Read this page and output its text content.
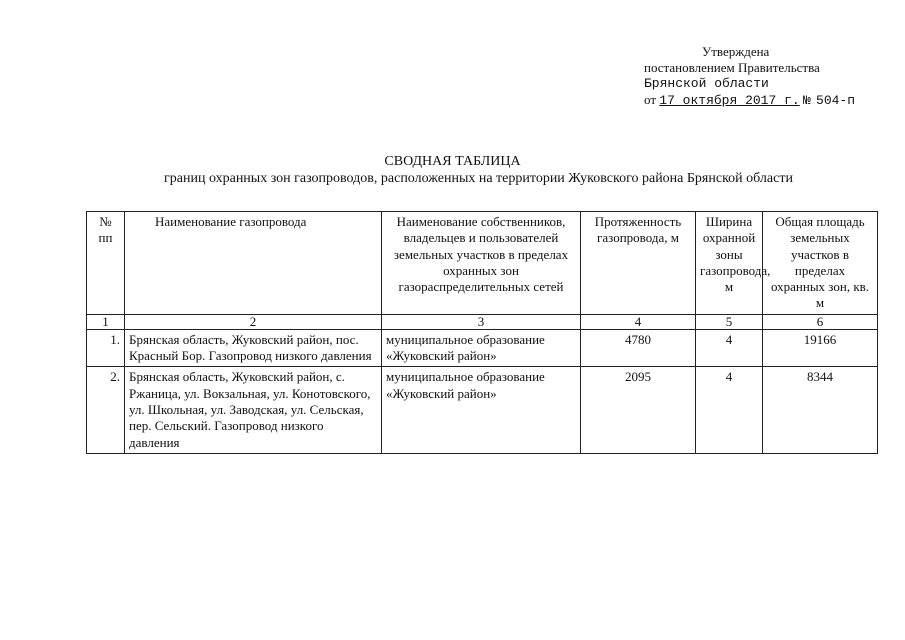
Утверждена
постановлением Правительства
Брянской области
от 17 октября 2017 г. № 504-п
СВОДНАЯ ТАБЛИЦА
границ охранных зон газопроводов, расположенных на территории Жуковского района Брянской области
№ пп	Наименование газопровода	Наименование собственников, владельцев и пользователей земельных участков в пределах охранных зон газораспределительных сетей	Протяженность газопровода, м	Ширина охранной зоны газопровода, м	Общая площадь земельных участков в пределах охранных зон, кв. м
1	2	3	4	5	6
1.	Брянская область, Жуковский район, пос. Красный Бор. Газопровод низкого давления	муниципальное образование «Жуковский район»	4780	4	19166
2.	Брянская область, Жуковский район, с. Ржаница, ул. Вокзальная, ул. Конотовского, ул. Школьная, ул. Заводская, ул. Сельская, пер. Сельский. Газопровод низкого давления	муниципальное образование «Жуковский район»	2095	4	8344
